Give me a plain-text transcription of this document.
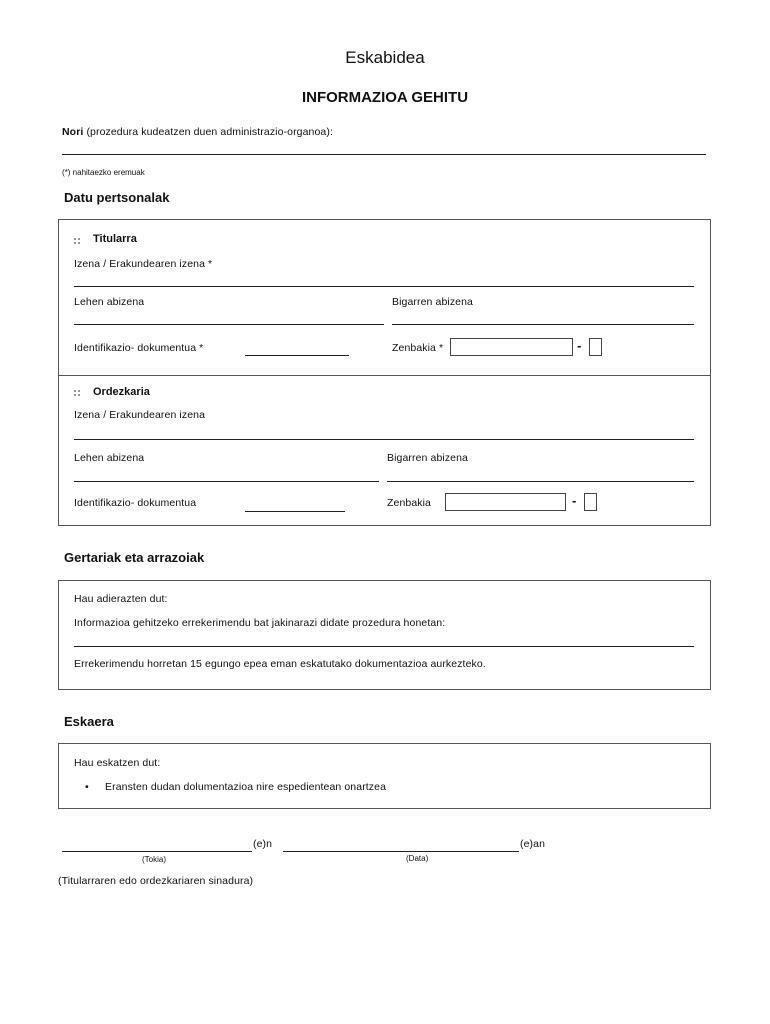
Eskabidea
INFORMAZIOA GEHITU
Nori (prozedura kudeatzen duen administrazio-organoa):
(*) nahitaezko eremuak
Datu pertsonalak
Titularra
Izena / Erakundearen izena *
Lehen abizena	Bigarren abizena
Identifikazio- dokumentua *	Zenbakia *	-
Ordezkaria
Izena / Erakundearen izena
Lehen abizena	Bigarren abizena
Identifikazio- dokumentua	Zenbakia	-
Gertariak eta arrazoiak
Hau adierazten dut:
Informazioa gehitzeko errekerimendu bat jakinarazi didate prozedura honetan:
Errekerimendu horretan 15 egungo epea eman eskatutako dokumentazioa aurkezteko.
Eskaera
Hau eskatzen dut:
• Eransten dudan dolumentazioa nire espedientean onartzea
(e)n	(e)an
(Tokia)	(Data)
(Titularraren edo ordezkariaren sinadura)
